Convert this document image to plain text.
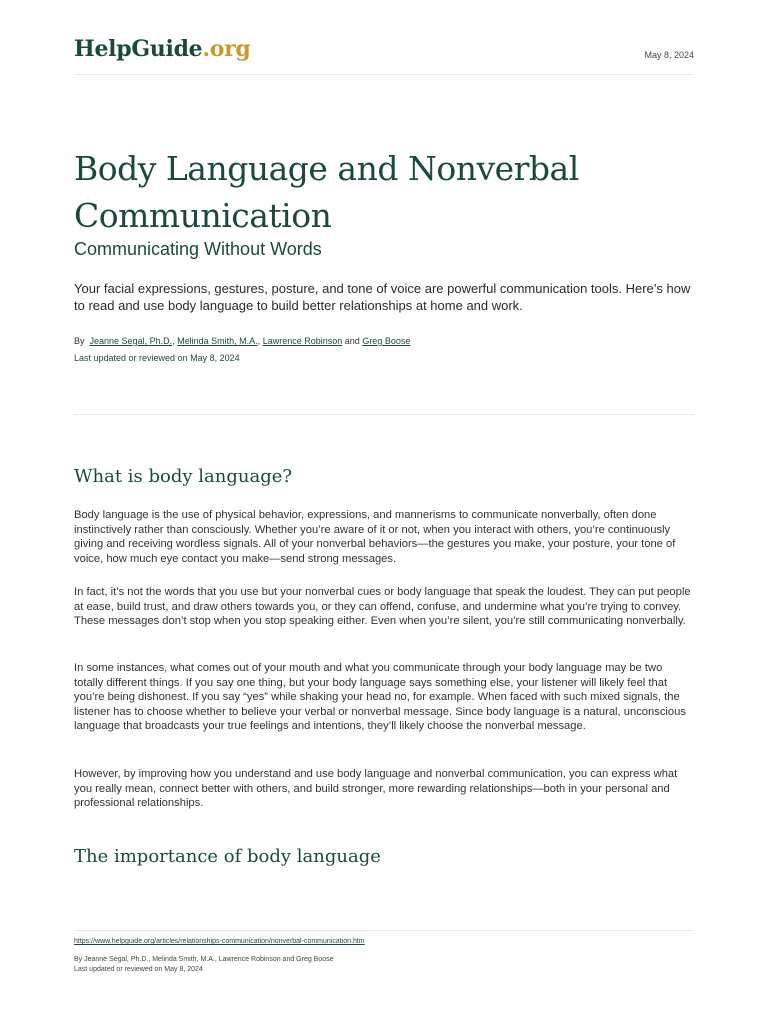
HelpGuide.org	May 8, 2024
Body Language and Nonverbal Communication
Communicating Without Words

Your facial expressions, gestures, posture, and tone of voice are powerful communication tools. Here’s how to read and use body language to build better relationships at home and work.

By Jeanne Segal, Ph.D., Melinda Smith, M.A., Lawrence Robinson and Greg Boose
Last updated or reviewed on May 8, 2024
What is body language?

Body language is the use of physical behavior, expressions, and mannerisms to communicate nonverbally, often done instinctively rather than consciously. Whether you’re aware of it or not, when you interact with others, you’re continuously giving and receiving wordless signals. All of your nonverbal behaviors—the gestures you make, your posture, your tone of voice, how much eye contact you make—send strong messages.

In fact, it’s not the words that you use but your nonverbal cues or body language that speak the loudest. They can put people at ease, build trust, and draw others towards you, or they can offend, confuse, and undermine what you’re trying to convey. These messages don’t stop when you stop speaking either. Even when you’re silent, you’re still communicating nonverbally.

In some instances, what comes out of your mouth and what you communicate through your body language may be two totally different things. If you say one thing, but your body language says something else, your listener will likely feel that you’re being dishonest. If you say “yes” while shaking your head no, for example. When faced with such mixed signals, the listener has to choose whether to believe your verbal or nonverbal message. Since body language is a natural, unconscious language that broadcasts your true feelings and intentions, they’ll likely choose the nonverbal message.

However, by improving how you understand and use body language and nonverbal communication, you can express what you really mean, connect better with others, and build stronger, more rewarding relationships—both in your personal and professional relationships.

The importance of body language
https://www.helpguide.org/articles/relationships-communication/nonverbal-communication.htm
By Jeanne Segal, Ph.D., Melinda Smith, M.A., Lawrence Robinson and Greg Boose
Last updated or reviewed on May 8, 2024
